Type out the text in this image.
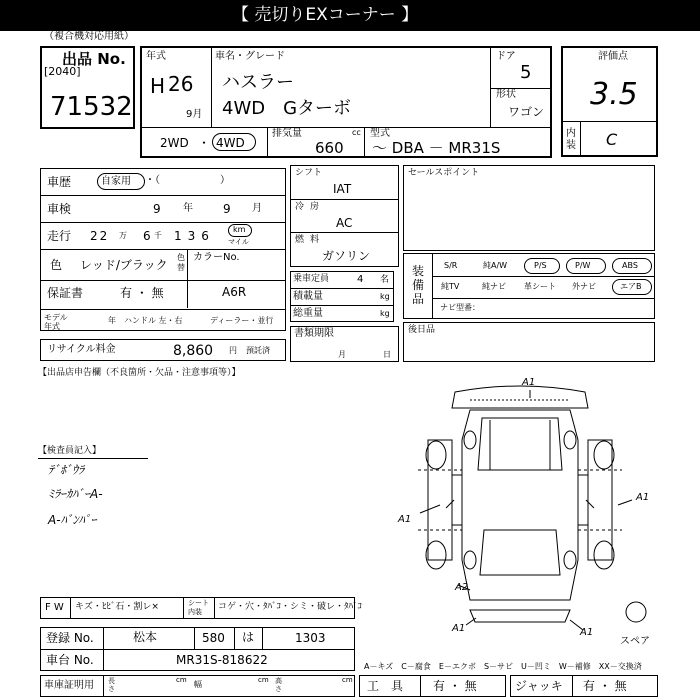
【 売切りEXコーナー 】
（複合機対応用紙）
出品 No.
[2040]
71532
年式
H 26
9月
車名・グレード
ハスラー
4WD　Gターボ
ドア
5
形状
ワゴン
2WD ・ 4WD
排気量	cc
660
型式
〜 DBA － MR31S
評価点
3.5
内装 C
車歴	自家用 ・（　　　　　　）
車検	9 年	9 月
走行 22 万 6 千 136 km
マイル
色 レッド/ブラック
色替
カラーNo.
A6R
保証書	有 ・ 無
モデル年式
年 ハンドル 左・右	ディーラー・並行
シフト
IAT
冷房
AC
燃料
ガソリン
乗車定員	4 名
積載量	kg
総重量	kg
書類期限
月	日
セールスポイント
装備品
S/R	純A/W	P/S	P/W	ABS
純TV	純ナビ 革シート 外ナビ	エアB
ナビ型番：
後日品
リサイクル料金	8,860 円 預託済
【出品店申告欄（不良箇所・欠品・注意事項等）】
【検査員記入】
ﾃﾞﾎﾞｳﾗ
ﾐﾗｰｶﾊﾞｰA-
A-ﾊﾞﾝﾊﾟｰ
F W キズ・ﾋﾋﾞ石・割レ×	シート内装	コゲ・穴・ﾀﾊﾞｺ・シミ・破レ・ﾀﾊﾞｺ
登録 No.	松本	580 は	1303
車台 No.	MR31S-818622
車庫証明用 長さ
cm 幅	cm 高さ
cm 工　具 有 ・ 無	ジャッキ 有 ・ 無
A－キズ　C－腐食　E－エクボ　S－サビ　U－凹ミ　W－補修　XX－交換済
A1
A1
A1
A2
A1	A1
スペア
